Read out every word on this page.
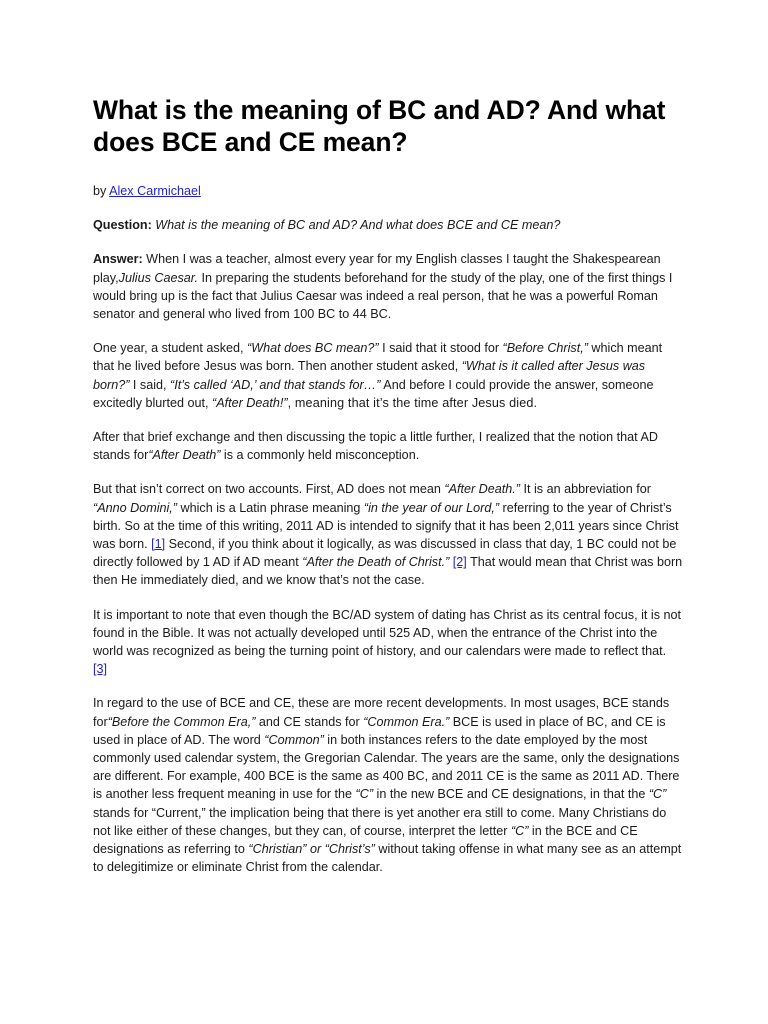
What is the meaning of BC and AD? And what does BCE and CE mean?

by Alex Carmichael

Question: What is the meaning of BC and AD? And what does BCE and CE mean?

Answer: When I was a teacher, almost every year for my English classes I taught the Shakespearean play,Julius Caesar. In preparing the students beforehand for the study of the play, one of the first things I would bring up is the fact that Julius Caesar was indeed a real person, that he was a powerful Roman senator and general who lived from 100 BC to 44 BC.

One year, a student asked, “What does BC mean?” I said that it stood for “Before Christ,” which meant that he lived before Jesus was born. Then another student asked, “What is it called after Jesus was born?” I said, “It’s called ‘AD,’ and that stands for…” And before I could provide the answer, someone excitedly blurted out, “After Death!”, meaning that it’s the time after Jesus died.

After that brief exchange and then discussing the topic a little further, I realized that the notion that AD stands for“After Death” is a commonly held misconception.

But that isn’t correct on two accounts. First, AD does not mean “After Death.” It is an abbreviation for “Anno Domini,” which is a Latin phrase meaning “in the year of our Lord,” referring to the year of Christ’s birth. So at the time of this writing, 2011 AD is intended to signify that it has been 2,011 years since Christ was born. [1] Second, if you think about it logically, as was discussed in class that day, 1 BC could not be directly followed by 1 AD if AD meant “After the Death of Christ.” [2] That would mean that Christ was born then He immediately died, and we know that’s not the case.

It is important to note that even though the BC/AD system of dating has Christ as its central focus, it is not found in the Bible. It was not actually developed until 525 AD, when the entrance of the Christ into the world was recognized as being the turning point of history, and our calendars were made to reflect that. [3]

In regard to the use of BCE and CE, these are more recent developments. In most usages, BCE stands for“Before the Common Era,” and CE stands for “Common Era.” BCE is used in place of BC, and CE is used in place of AD. The word “Common” in both instances refers to the date employed by the most commonly used calendar system, the Gregorian Calendar. The years are the same, only the designations are different. For example, 400 BCE is the same as 400 BC, and 2011 CE is the same as 2011 AD. There is another less frequent meaning in use for the “C” in the new BCE and CE designations, in that the “C” stands for “Current,” the implication being that there is yet another era still to come. Many Christians do not like either of these changes, but they can, of course, interpret the letter “C” in the BCE and CE designations as referring to “Christian” or “Christ’s” without taking offense in what many see as an attempt to delegitimize or eliminate Christ from the calendar.
